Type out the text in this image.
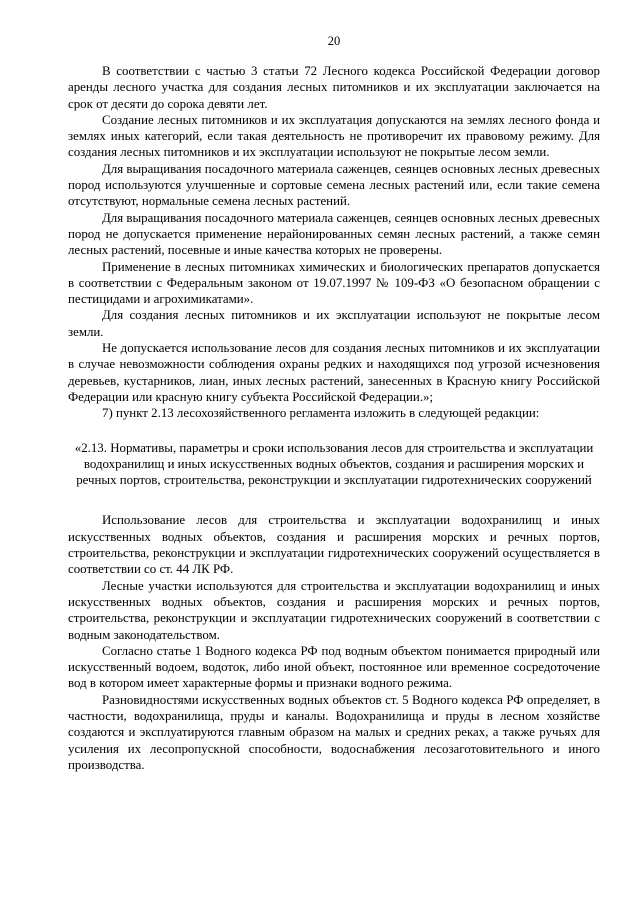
20

В соответствии с частью 3 статьи 72 Лесного кодекса Российской Федерации договор аренды лесного участка для создания лесных питомников и их эксплуатации заключается на срок от десяти до сорока девяти лет.

Создание лесных питомников и их эксплуатация допускаются на землях лесного фонда и землях иных категорий, если такая деятельность не противоречит их правовому режиму. Для создания лесных питомников и их эксплуатации используют не покрытые лесом земли.

Для выращивания посадочного материала саженцев, сеянцев основных лесных древесных пород используются улучшенные и сортовые семена лесных растений или, если такие семена отсутствуют, нормальные семена лесных растений.

Для выращивания посадочного материала саженцев, сеянцев основных лесных древесных пород не допускается применение нерайонированных семян лесных растений, а также семян лесных растений, посевные и иные качества которых не проверены.

Применение в лесных питомниках химических и биологических препаратов допускается в соответствии с Федеральным законом от 19.07.1997 № 109-ФЗ «О безопасном обращении с пестицидами и агрохимикатами».

Для создания лесных питомников и их эксплуатации используют не покрытые лесом земли.

Не допускается использование лесов для создания лесных питомников и их эксплуатации в случае невозможности соблюдения охраны редких и находящихся под угрозой исчезновения деревьев, кустарников, лиан, иных лесных растений, занесенных в Красную книгу Российской Федерации или красную книгу субъекта Российской Федерации.»;

7) пункт 2.13 лесохозяйственного регламента изложить в следующей редакции:

«2.13. Нормативы, параметры и сроки использования лесов для строительства и эксплуатации водохранилищ и иных искусственных водных объектов, создания и расширения морских и речных портов, строительства, реконструкции и эксплуатации гидротехнических сооружений

Использование лесов для строительства и эксплуатации водохранилищ и иных искусственных водных объектов, создания и расширения морских и речных портов, строительства, реконструкции и эксплуатации гидротехнических сооружений осуществляется в соответствии со ст. 44 ЛК РФ.

Лесные участки используются для строительства и эксплуатации водохранилищ и иных искусственных водных объектов, создания и расширения морских и речных портов, строительства, реконструкции и эксплуатации гидротехнических сооружений в соответствии с водным законодательством.

Согласно статье 1 Водного кодекса РФ под водным объектом понимается природный или искусственный водоем, водоток, либо иной объект, постоянное или временное сосредоточение вод в котором имеет характерные формы и признаки водного режима.

Разновидностями искусственных водных объектов ст. 5 Водного кодекса РФ определяет, в частности, водохранилища, пруды и каналы. Водохранилища и пруды в лесном хозяйстве создаются и эксплуатируются главным образом на малых и средних реках, а также ручьях для усиления их лесопропускной способности, водоснабжения лесозаготовительного и иного производства.
